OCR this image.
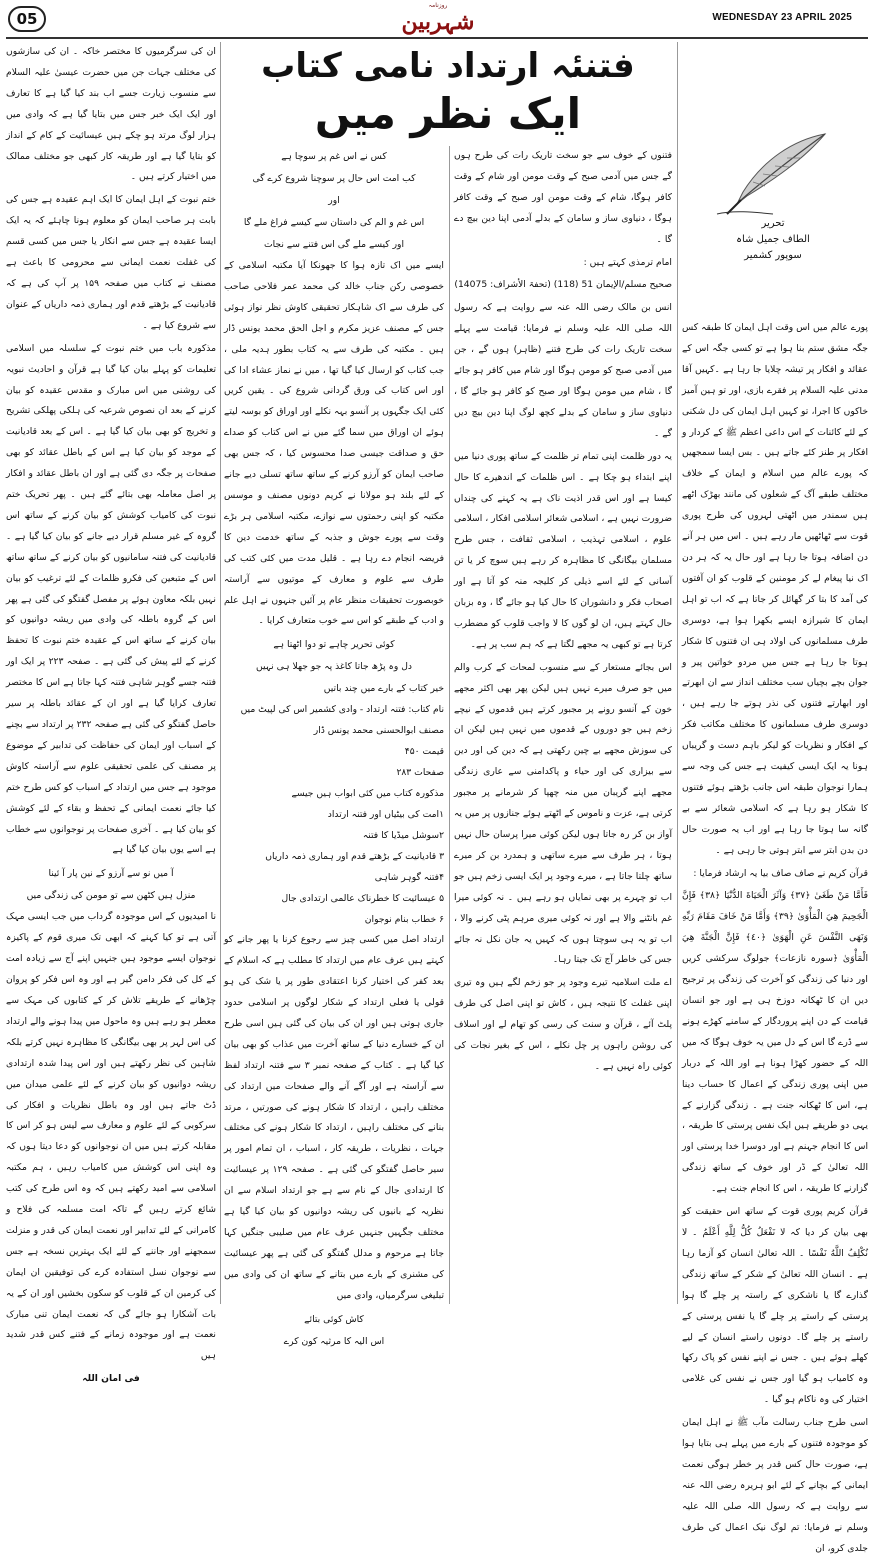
05
روزنامہ
شہربین	WEDNESDAY 23 APRIL 2025
فتنئہ ارتداد نامی کتاب
ایک نظر میں
تحریر
الطاف جمیل شاہ
سوپور کشمیر

پورے عالم میں اس وقت اہل ایمان کا طبقہ کس جگہ مشق ستم بنا ہوا ہے تو کسی جگہ اس کے عقائد و افکار پر تیشہ چلایا جا رہا ہے ۔کہیں آقا مدنی علیہ السلام پر فقرے بازی، اور تو ہین آمیز خاکوں کا اجرا، تو کہیں اہل ایمان کی دل شکنی کے لئے کائنات کے اس داعی اعظم ﷺ کے کردار و افکار پر طنز کئے جاتے ہیں ۔ بس ایسا سمجھیں کہ پورے عالم میں اسلام و ایمان کے خلاف مختلف طبقے آگ کے شعلوں کی مانند بھڑک اٹھے ہیں سمندر میں اٹھتی لہروں کی طرح پوری قوت سے ٹھاٹھیں مار رہے ہیں ۔ اس میں ہر آنے دن اضافہ ہوتا جا رہا ہے اور حال یہ کہ ہر دن اک نیا پیغام لے کر مومنین کے قلوب کو ان آفتوں کی آمد کا بتا کر گھائل کر جاتا ہے کہ اب تو اہل ایمان کا شیرازہ ایسے بکھرا ہوا ہے، دوسری طرف مسلمانوں کی اولاد ہی ان فتنوں کا شکار ہوتا جا رہا ہے جس میں مردو خواتین پیر و جوان بچے بچیاں سب مختلف انداز سے ان ابھرتے اور ابھارتے فتنوں کی نذر ہوتے جا رہے ہیں ، دوسری طرف مسلمانوں کا مختلف مکاتب فکر کے افکار و نظریات کو لیکر باہم دست و گریباں ہونا یہ ایک ایسی کیفیت ہے جس کی وجہ سے ہمارا نوجوان طبقہ اس جانب بڑھتے ہوئے فتنوں کا شکار ہو رہا ہے کہ اسلامی شعائر سے بے گانہ سا ہوتا جا رہا ہے اور اب یہ صورت حال دن بدن ابتر سے ابتر ہوتی جا رہی ہے ۔

قرآن کریم نے صاف صاف بیا یہ ارشاد فرمایا :

فَأَمَّا مَنْ طَغَىٰ ﴿٣٧﴾ وَآثَرَ الْحَيَاةَ الدُّنْيَا ﴿٣٨﴾ فَإِنَّ الْجَحِيمَ هِيَ الْمَأْوَىٰ ﴿٣٩﴾ وَأَمَّا مَنْ خَافَ مَقَامَ رَبِّهِ وَنَهَى النَّفْسَ عَنِ الْهَوَىٰ ﴿٤٠﴾ فَإِنَّ الْجَنَّةَ هِيَ الْمَأْوَىٰ ﴿سورہ نازعات﴾ جولوگ سرکشی کریں اور دنیا کی زندگی کو آخرت کی زندگی پر ترجیح دیں ان کا ٹھکانہ دوزخ ہی ہے اور جو انسان قیامت کے دن اپنے پروردگار کے سامنے کھڑے ہونے سے ڈرے گا اس کے دل میں یہ خوف ہوگا کہ میں اللہ کے حضور کھڑا ہونا ہے اور اللہ کے دربار میں اپنی پوری زندگی کے اعمال کا حساب دینا ہے، اس کا ٹھکانہ جنت ہے ۔ زندگی گزارنے کے یہی دو طریقے ہیں ایک نفس پرستی کا طریقہ ، اس کا انجام جہنم ہے اور دوسرا خدا پرستی اور اللہ تعالیٰ کے ڈر اور خوف کے ساتھ زندگی گزارنے کا طریقہ ، اس کا انجام جنت ہے۔

قرآن کریم پوری قوت کے ساتھ اس حقیقت کو بھی بیان کر دیا کہ لا نَفْعَلُ كُلُّ لِلَّهِ أَعْلَمُ ۔ لا نُكْلِفُ اللَّهُ نَفْسًا ۔ اللہ تعالیٰ انسان کو آزما رہا ہے ۔ انسان اللہ تعالیٰ کے شکر کے ساتھ زندگی گذارے گا یا ناشکری کے راستہ پر چلے گا ہوا پرستی کے راستے پر چلے گا یا نفس پرستی کے راستے پر چلے گا۔ دونوں راستے انسان کے لیے کھلے ہوئے ہیں ۔ جس نے اپنے نفس کو پاک رکھا وہ کامیاب ہو گیا اور جس نے نفس کی غلامی اختیار کی وہ ناکام ہو گیا ۔

اسی طرح جناب رسالت مآب ﷺ نے اہل ایمان کو موجودہ فتنوں کے بارے میں پہلے ہی بتایا ہوا ہے، صورت حال کس قدر پر خطر ہوگی نعمت ایمانی کے بچانے کے لئے ابو ہریرہ رضی اللہ عنہ سے روایت ہے کہ رسول اللہ صلی اللہ علیہ وسلم نے فرمایا: تم لوگ نیک اعمال کی طرف جلدی کرو، ان

فتنوں کے خوف سے جو سخت تاریک رات کی طرح ہوں گے جس میں آدمی صبح کے وقت مومن اور شام کے وقت کافر ہوگا، شام کے وقت مومن اور صبح کے وقت کافر ہوگا ، دنیاوی ساز و سامان کے بدلے آدمی اپنا دین بیچ دے گا ۔

امام ترمذی کہتے ہیں :

صحیح مسلم/الإيمان 51 (118) (تحفۃ الأشراف: 14075)

انس بن مالک رضی اللہ عنہ سے روایت ہے کہ رسول اللہ صلی اللہ علیہ وسلم نے فرمایا: قیامت سے پہلے سخت تاریک رات کی طرح فتنے (ظاہر) ہوں گے ، جن میں آدمی صبح کو مومن ہوگا اور شام میں کافر ہو جائے گا ، شام میں مومن ہوگا اور صبح کو کافر ہو جائے گا ، دنیاوی ساز و سامان کے بدلے کچھ لوگ اپنا دین بیچ دیں گے ۔

یہ دور ظلمت اپنی تمام تر ظلمت کے ساتھ پوری دنیا میں اپنے ابتداء ہو چکا ہے ۔ اس ظلمات کے اندھیرے کا حال کیسا ہے اور اس قدر اذیت ناک ہے یہ کہنے کی چنداں ضرورت نہیں ہے ، اسلامی شعائر اسلامی افکار ، اسلامی علوم ، اسلامی تہذیب ، اسلامی ثقافت ، جس طرح مسلمان بیگانگی کا مظاہرہ کر رہے ہیں سوچ کر یا تن آسانی کے لئے اسے ذیلی کر کلیجہ منہ کو آتا ہے اور اصحاب فکر و دانشوران کا حال کیا ہو جائے گا ، وہ بزبان حال کہتے ہیں، ان لو گوں کا لا واجب قلوب کو مضطرب کرتا ہے تو کبھی یہ مجھے لگتا ہے کہ ہم سب پر ہے۔

اس بجائے مستعار کے سے منسوب لمحات کے کرب والم میں جو صرف میرے نہیں ہیں لیکن پھر بھی اکثر مجھے خون کے آنسو رونے پر مجبور کرتے ہیں قدموں کے نیچے زخم ہیں جو دوروں کے قدموں میں نہیں ہیں لیکن ان کی سوزش مجھے بے چین رکھتی ہے کہ دین کی اور دین سے بیزاری کی اور حیاء و پاکدامنی سے عاری زندگی مجھے اپنے گریبان میں منہ چھپا کر شرمانے پر مجبور کرتی ہے، عزت و ناموس کے اٹھتے ہوئے جنازوں پر میں یہ آواز بن کر رہ جاتا ہوں لیکن کوئی میرا پرسان حال نہیں ہوتا ، ہر طرف سے میرے ساتھی و ہمدرد بن کر میرے ساتھ چلتا جاتا ہے ، میرے وجود پر ایک ایسی زخم ہیں جو اب تو چہرے پر بھی نمایاں ہو رہے ہیں ۔ نہ کوئی میرا غم بانٹنے والا ہے اور نہ کوئی میری مرہم پٹی کرنے والا ، اب تو یہ ہی سوچتا ہوں کہ کہیں یہ جان نکل نہ جائے جس کی خاطر آج تک جیتا رہا۔

اے ملت اسلامیہ تیرے وجود پر جو زخم لگے ہیں وہ تیری اپنی غفلت کا نتیجہ ہیں ، کاش تو اپنی اصل کی طرف پلٹ آئے ، قرآن و سنت کی رسی کو تھام لے اور اسلاف کی روشن راہوں پر چل نکلے ، اس کے بغیر نجات کی کوئی راہ نہیں ہے ۔

کس نے اس غم پر سوچا ہے
کب امت اس حال پر سوچنا شروع کرے گی
اور
اس غم و الم کی داستان سے کیسے فراغ ملے گا
اور کیسے ملے گی اس فتنے سے نجات

ایسے میں اک تازہ ہوا کا جھونکا آیا مکتبہ اسلامی کے خصوصی رکن جناب خالد کی محمد عمر فلاحی صاحب کی طرف سے اک شاہکار تحقیقی کاوش نظر نواز ہوئی جس کے مصنف عزیز مکرم و اجل الحق محمد یونس ڈار ہیں ۔ مکتبہ کی طرف سے یہ کتاب بطور ہدیہ ملی ، جب کتاب کو ارسال کیا گیا تھا ، میں نے نماز عشاء ادا کی اور اس کتاب کی ورق گردانی شروع کی ۔ یقین کریں کئی ایک جگہوں پر آنسو بہہ نکلے اور اوراق کو بوسہ لیتے ہوئے ان اوراق میں سما گئے میں نے اس کتاب کو صداے حق و صداقت جیسی صدا محسوس کیا ، کہ جس بھی صاحب ایمان کو آرزو کرنے کے ساتھ ساتھ تسلی دیے جانے کے لئے بلند ہو مولانا نے کریم دونوں مصنف و موسس مکتبہ کو اپنی رحمتوں سے نوازے، مکتبہ اسلامی ہر بڑے وقت سے پورے جوش و جذبہ کے ساتھ خدمت دین کا فریضہ انجام دے رہا ہے ۔ قلیل مدت میں کئی کتب کی طرف سے علوم و معارف کے موتیوں سے آراستہ خوبصورت تحقیقات منظر عام پر آئیں جنہوں نے اہل علم و ادب کے طبقے کو اس سے خوب متعارف کرایا ۔

کوئی تحریر چاہے تو دوا اٹھتا ہے
دل وہ پڑھ جاتا کاغذ پہ جو جھلا ہی نہیں
خیر کتاب کے بارے میں چند باتیں
نام کتاب: فتنہ ارتداد - وادی کشمیر اس کی لپیٹ میں
مصنف ابوالحسنی محمد یونس ڈار
قیمت ۴۵۰
صفحات ۲۸۳
مذکورہ کتاب میں کئی ابواب ہیں جیسے
۱امت کی بیٹیاں اور فتنہ ارتداد
۲سوشل میڈیا کا فتنہ
۳ قادیانیت کے بڑھتے قدم اور ہماری ذمہ داریاں
۴فتنہ گوہر شاہی
۵ عیسائیت کا خطرناک عالمی ارتدادی جال
۶ خطاب بنام نوجوان

ارتداد اصل میں کسی چیز سے رجوع کرنا یا پھر جانے کو کہتے ہیں عرف عام میں ارتداد کا مطلب ہے کہ اسلام کے بعد کفر کی اختیار کرنا اعتقادی طور پر یا شک کی ہو قولی یا فعلی ارتداد کے شکار لوگوں پر اسلامی حدود جاری ہوتی ہیں اور ان کی بیان کی گئی ہیں اسی طرح ان کے خسارے دنیا کے ساتھ آخرت میں عذاب کو بھی بیان کیا گیا ہے ۔ کتاب کے صفحہ نمبر ۳ سے فتنہ ارتداد لفظ سے آراستہ ہے اور آگے آنے والے صفحات میں ارتداد کی مختلف راہیں ، ارتداد کا شکار ہونے کی صورتیں ، مرتد بنانے کی مختلف راہیں ، ارتداد کا شکار ہونے کی مختلف جہات ، نظریات ، طریقہ کار ، اسباب ، ان تمام امور پر سیر حاصل گفتگو کی گئی ہے ۔ صفحہ ۱۲۹ پر عیسائیت کا ارتدادی جال کے نام سے ہے جو ارتداد اسلام سے ان نظریہ کے بانیوں کی ریشہ دوانیوں کو بیان کیا گیا ہے مختلف جگہیں جنہیں عرف عام میں صلیبی جنگیں کہا جاتا ہے مرحوم و مدلل گفتگو کی گئی ہے پھر عیسائیت کی مشنری کے بارے میں بتانے کے ساتھ ان کی وادی میں تبلیغی سرگرمیاں، وادی میں

کاش کوئی بتائے
اس الیہ کا مرثیہ کون کرے

ان کی سرگرمیوں کا مختصر خاکہ ۔ ان کی سازشوں کی مختلف جہات جن میں حضرت عیسیٰ علیہ السلام سے منسوب زیارت جسے اب بند کیا گیا ہے کا تعارف اور ایک ایک خبر جس میں بتایا گیا ہے کہ وادی میں ہزار لوگ مرتد ہو چکے ہیں عیسائیت کے کام کے انداز کو بتایا گیا ہے اور طریقہ کار کبھی جو مختلف ممالک میں اختیار کرتے ہیں ۔

ختم نبوت کے اہل ایمان کا ایک اہم عقیدہ ہے جس کی بابت ہر صاحب ایمان کو معلوم ہونا چاہئے کہ یہ ایک ایسا عقیدہ ہے جس سے انکار یا جس میں کسی قسم کی غفلت نعمت ایمانی سے محرومی کا باعث ہے مصنف نے کتاب میں صفحہ ۱۵۹ پر آپ کی ہے کہ قادیانیت کے بڑھتے قدم اور ہماری ذمہ داریاں کے عنوان سے شروع کیا ہے ۔

مذکورہ باب میں ختم نبوت کے سلسلہ میں اسلامی تعلیمات کو پہلے بیان کیا گیا ہے قرآن و احادیث نبویہ کی روشنی میں اس مبارک و مقدس عقیدہ کو بیان کرنے کے بعد ان نصوص شرعیہ کی ہلکی پھلکی تشریح و تخریج کو بھی بیان کیا گیا ہے ۔ اس کے بعد قادیانیت کے موجد کو بیان کیا ہے اس کے باطل عقائد کو بھی صفحات پر جگہ دی گئی ہے اور ان باطل عقائد و افکار پر اصل معاملہ بھی بتائے گئے ہیں ۔ پھر تحریک ختم نبوت کی کامیاب کوشش کو بیان کرنے کے ساتھ اس گروہ کے غیر مسلم قرار دیے جانے کو بیان کیا گیا ہے ۔ قادیانیت کی فتنہ سامانیوں کو بیان کرنے کے ساتھ ساتھ اس کے متبعین کی فکرو ظلمات کے لئے ترغیب کو بیان نہیں بلکہ معاون ہوئے پر مفصل گفتگو کی گئی ہے پھر اس کے گروہ باطلہ کی وادی میں ریشہ دوانیوں کو بیان کرنے کے ساتھ اس کے عقیدہ ختم نبوت کا تحفظ کرنے کے لئے پیش کی گئی ہے ۔ صفحہ ۲۲۳ پر ایک اور فتنہ جسے گوہر شاہی فتنہ کہا جاتا ہے اس کا مختصر تعارف کرایا گیا ہے اور ان کے عقائد باطلہ پر سیر حاصل گفتگو کی گئی ہے صفحہ ۲۳۲ پر ارتداد سے بچنے کے اسباب اور ایمان کی حفاظت کی تدابیر کے موضوع پر مصنف کی علمی تحقیقی علوم سے آراستہ کاوش موجود ہے جس میں ارتداد کے اسباب کو کس طرح ختم کیا جائے نعمت ایمانی کے تحفظ و بقاء کے لئے کوشش کو بیان کیا ہے ۔ آخری صفحات پر نوجوانوں سے خطاب ہے اسے یوں بیان کیا گیا ہے

آ میں نو سے آرزو کے نین پار آ ئینا
منزل ہیں کٹھن سے تو مومن کی زندگی میں

نا امیدیوں کے اس موجودہ گرداب میں جب ایسی مہک آتی ہے تو کیا کہنے کہ ابھی تک میری قوم کے پاکیزہ نوجوان ایسے موجود ہیں جنہیں اپنے آج سے زیادہ امت کے کل کی فکر دامن گیر ہے اور وہ اس فکر کو پروان چڑھانے کے طریقے تلاش کر کے کتابوں کی مہک سے معطر ہو رہے ہیں وہ ماحول میں پیدا ہونے والے ارتداد کی اس لہر پر بھی بیگانگی کا مظاہرہ نہیں کرتے بلکہ شاہین کی نظر رکھتے ہیں اور اس پیدا شدہ ارتدادی ریشہ دوانیوں کو بیان کرنے کے لئے علمی میدان میں ڈٹ جاتے ہیں اور وہ باطل نظریات و افکار کی سرکوبی کے لئے علوم و معارف سے لیس ہو کر اس کا مقابلہ کرتے ہیں میں ان نوجوانوں کو دعا دیتا ہوں کہ وہ اپنی اس کوشش میں کامیاب رہیں ، ہم مکتبہ اسلامی سے امید رکھتے ہیں کہ وہ اس طرح کی کتب شائع کرتے رہیں گے تاکہ امت مسلمہ کی فلاح و کامرانی کے لئے تدابیر اور نعمت ایمان کی قدر و منزلت سمجھنے اور جاننے کے لئے ایک بہترین نسخہ ہے جس سے نوجوان نسل استفادہ کرے کی توفیقین ان ایمان کی کرمین ان کے قلوب کو سکون بخشیں اور ان کے یہ بات آشکارا ہو جائے گی کہ نعمت ایمان تنی مبارک نعمت ہے اور موجودہ زمانے کے فتنے کس قدر شدید ہیں

فی امان اللہ
